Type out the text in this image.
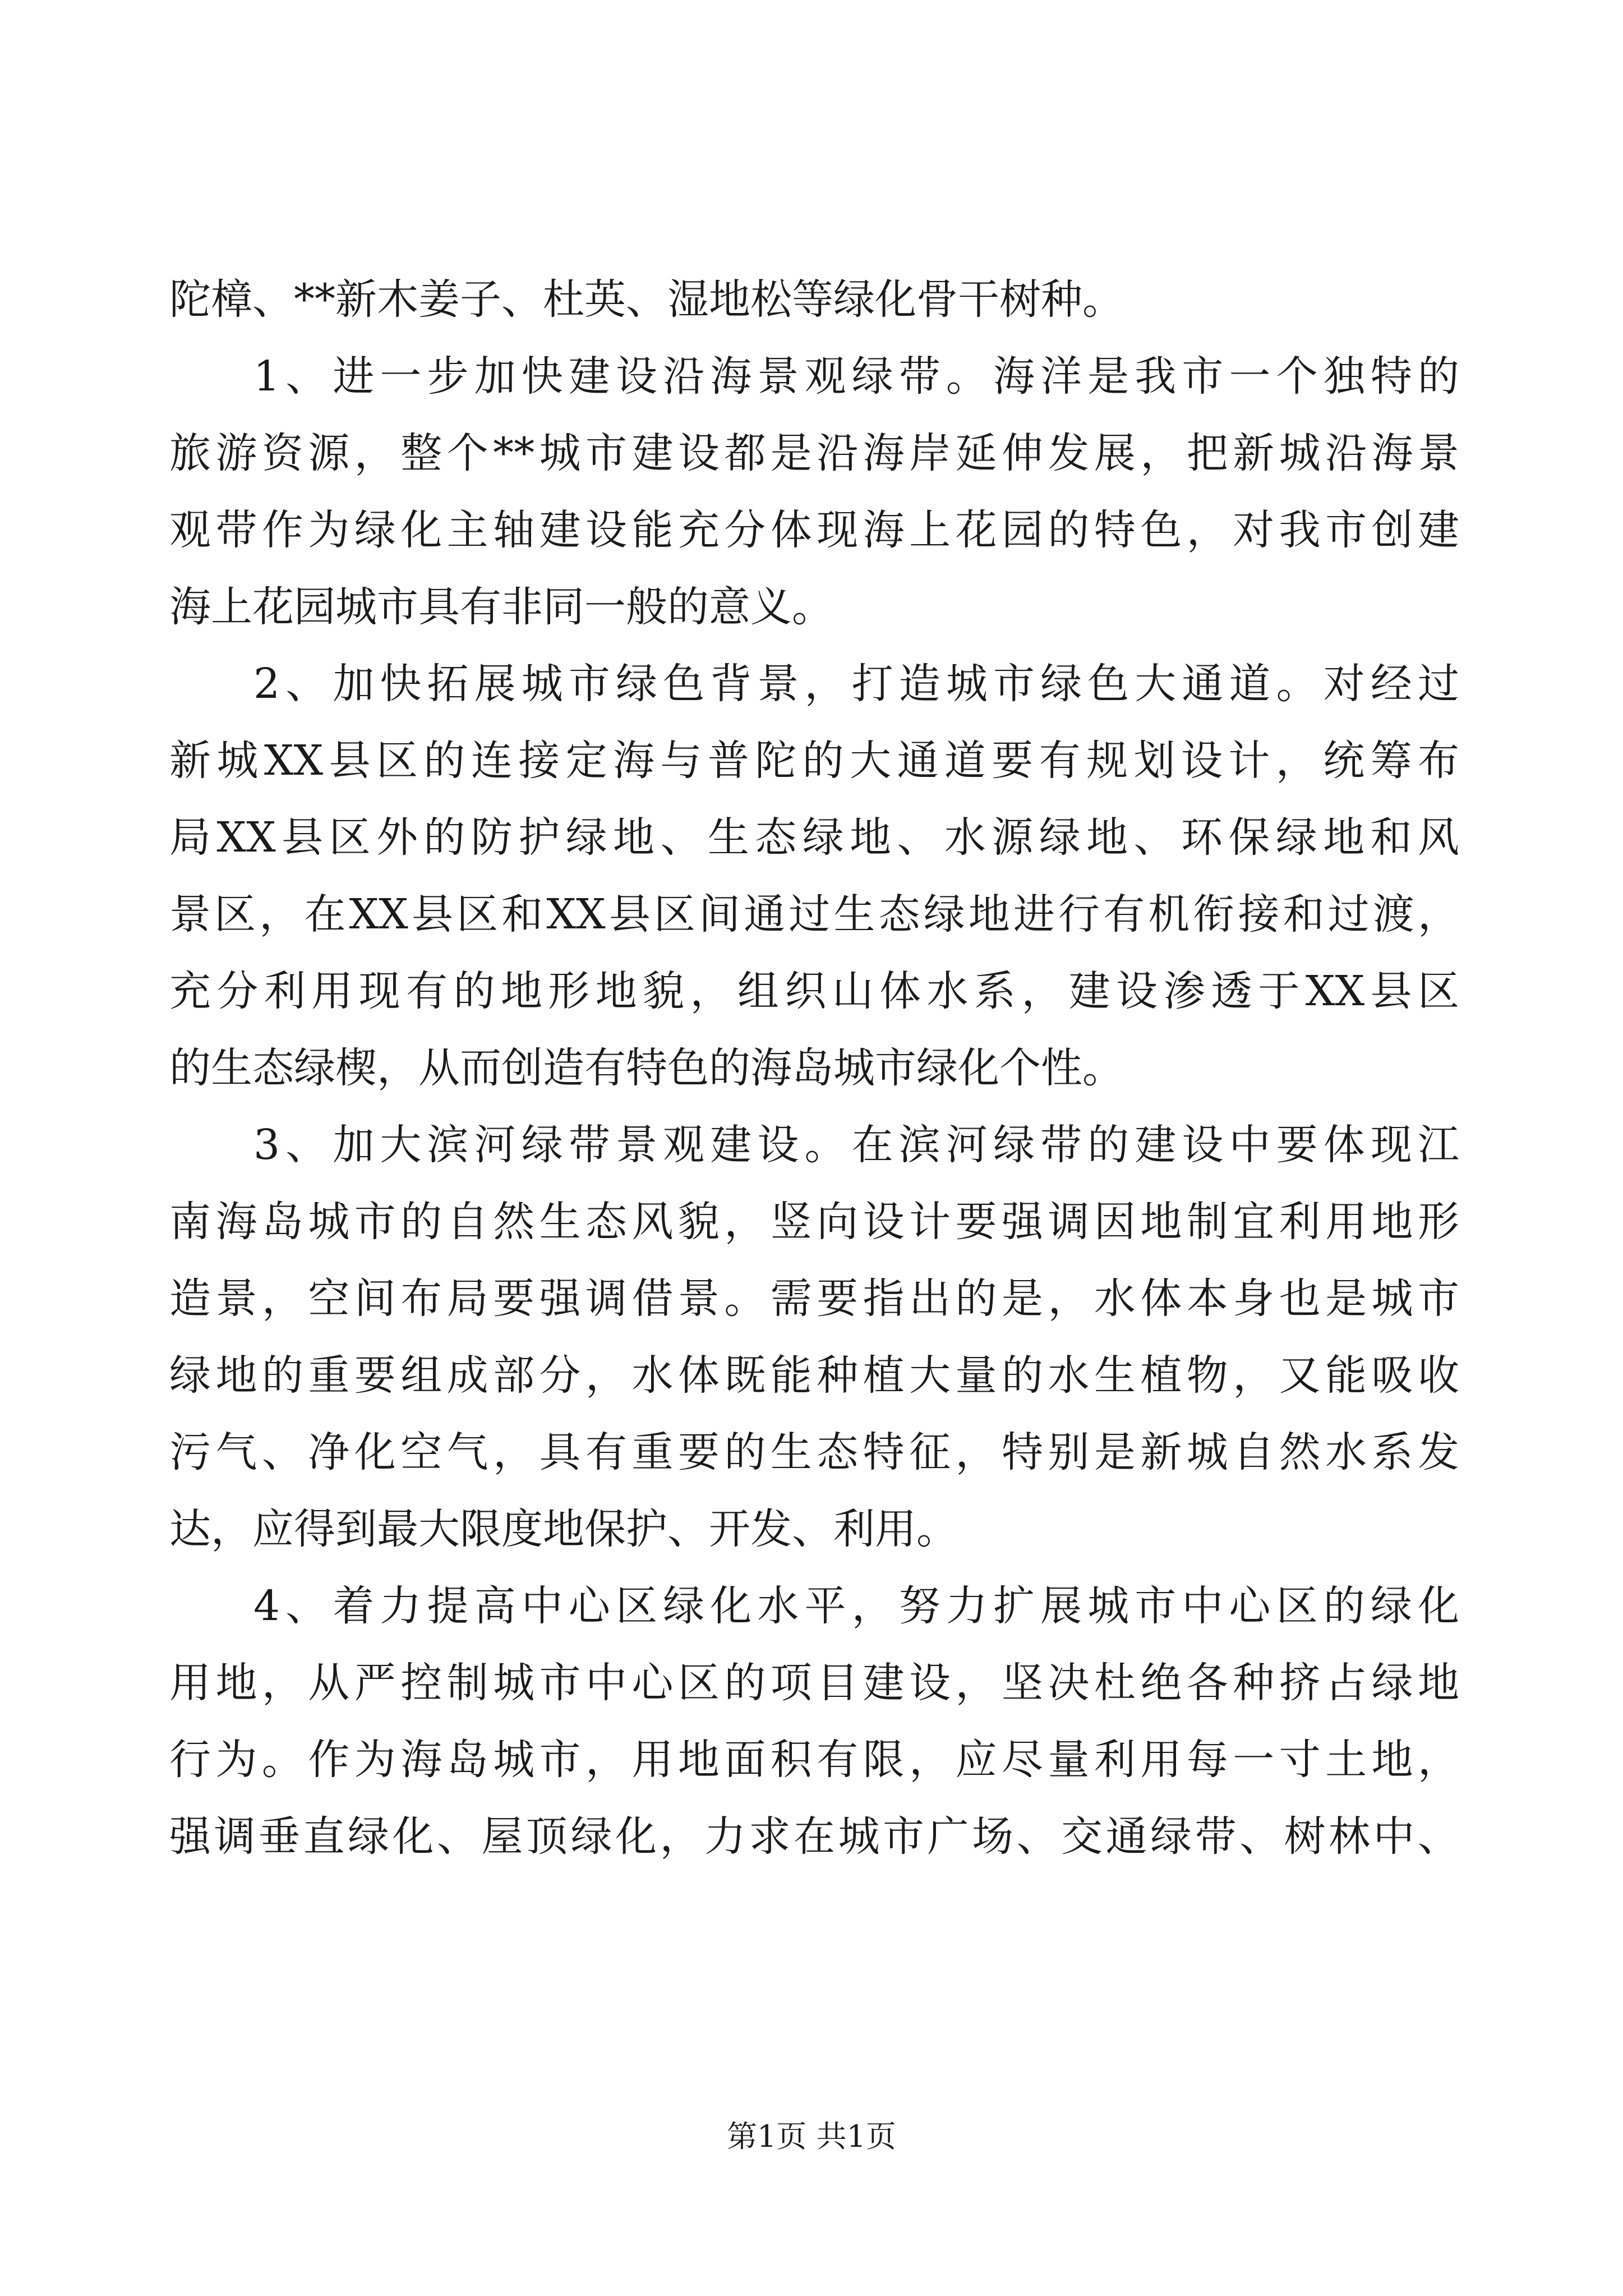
陀樟、**新木姜子、杜英、湿地松等绿化骨干树种。
1、进一步加快建设沿海景观绿带。海洋是我市一个独特的
旅游资源，整个**城市建设都是沿海岸延伸发展，把新城沿海景
观带作为绿化主轴建设能充分体现海上花园的特色，对我市创建
海上花园城市具有非同一般的意义。
2、加快拓展城市绿色背景，打造城市绿色大通道。对经过
新城XX县区的连接定海与普陀的大通道要有规划设计，统筹布
局XX县区外的防护绿地、生态绿地、水源绿地、环保绿地和风
景区，在XX县区和XX县区间通过生态绿地进行有机衔接和过渡，
充分利用现有的地形地貌，组织山体水系，建设渗透于XX县区
的生态绿楔，从而创造有特色的海岛城市绿化个性。
3、加大滨河绿带景观建设。在滨河绿带的建设中要体现江
南海岛城市的自然生态风貌，竖向设计要强调因地制宜利用地形
造景，空间布局要强调借景。需要指出的是，水体本身也是城市
绿地的重要组成部分，水体既能种植大量的水生植物，又能吸收
污气、净化空气，具有重要的生态特征，特别是新城自然水系发
达，应得到最大限度地保护、开发、利用。
4、着力提高中心区绿化水平，努力扩展城市中心区的绿化
用地，从严控制城市中心区的项目建设，坚决杜绝各种挤占绿地
行为。作为海岛城市，用地面积有限，应尽量利用每一寸土地，
强调垂直绿化、屋顶绿化，力求在城市广场、交通绿带、树林中、
第1页 共1页
